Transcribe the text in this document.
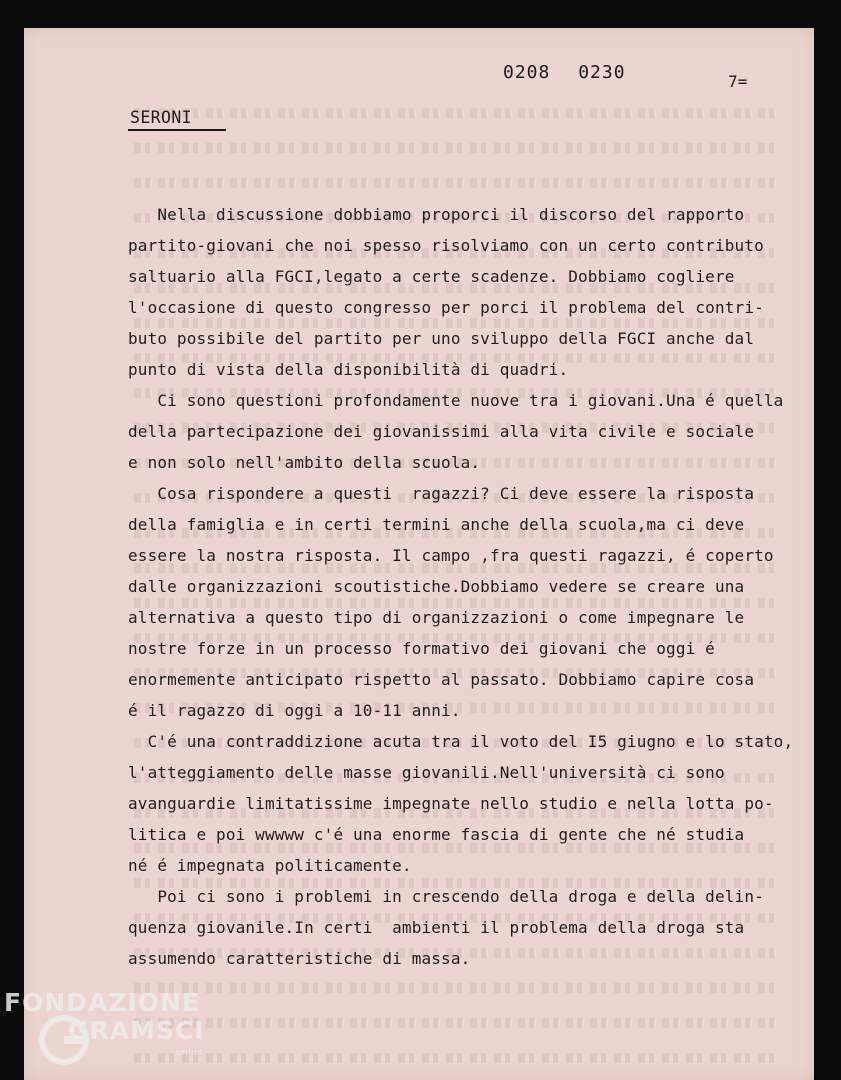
0208 0230	7=
SERONI
Nella discussione dobbiamo proporci il discorso del rapporto
partito-giovani che noi spesso risolviamo con un certo contributo
saltuario alla FGCI,legato a certe scadenze. Dobbiamo cogliere
l'occasione di questo congresso per porci il problema del contri-
buto possibile del partito per uno sviluppo della FGCI anche dal
punto di vista della disponibilità di quadri.
Ci sono questioni profondamente nuove tra i giovani.Una é quella
della partecipazione dei giovanissimi alla vita civile e sociale
e non solo nell'ambito della scuola.
Cosa rispondere a questi  ragazzi? Ci deve essere la risposta
della famiglia e in certi termini anche della scuola,ma ci deve
essere la nostra risposta. Il campo ,fra questi ragazzi, é coperto
dalle organizzazioni scoutistiche.Dobbiamo vedere se creare una
alternativa a questo tipo di organizzazioni o come impegnare le
nostre forze in un processo formativo dei giovani che oggi é
enormemente anticipato rispetto al passato. Dobbiamo capire cosa
é il ragazzo di oggi a 10-11 anni.
C'é una contraddizione acuta tra il voto del I5 giugno e lo stato,
l'atteggiamento delle masse giovanili.Nell'università ci sono
avanguardie limitatissime impegnate nello studio e nella lotta po-
litica e poi wwwww c'é una enorme fascia di gente che né studia
né é impegnata politicamente.
Poi ci sono i problemi in crescendo della droga e della delin-
quenza giovanile.In certi  ambienti il problema della droga sta
assumendo caratteristiche di massa.
FONDAZIONE
GRAMSCI
onlus
